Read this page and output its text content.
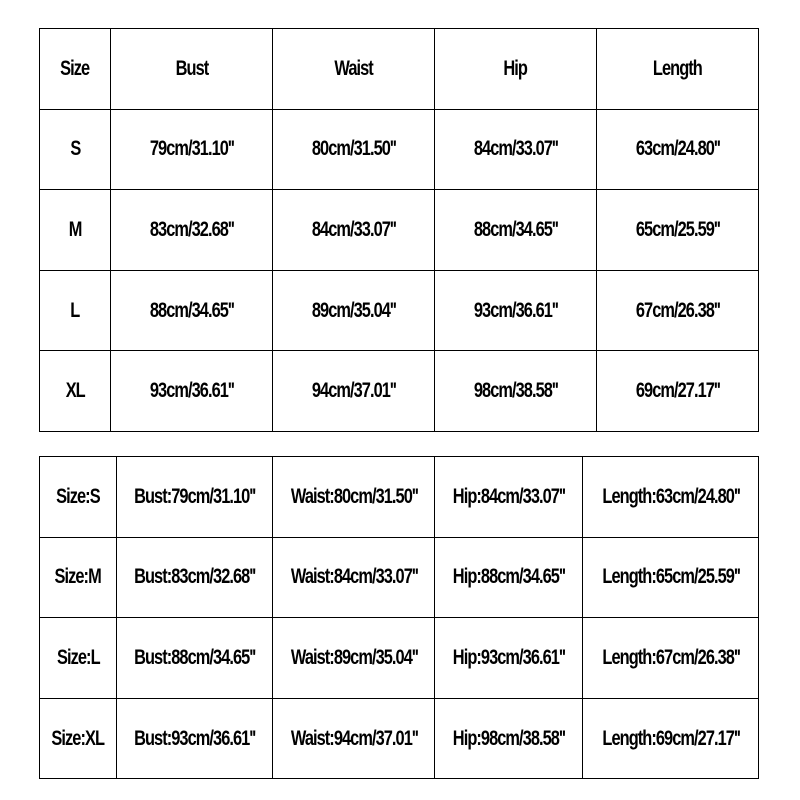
Size	Bust	Waist	Hip	Length
S	79cm/31.10''	80cm/31.50''	84cm/33.07''	63cm/24.80''
M	83cm/32.68''	84cm/33.07''	88cm/34.65''	65cm/25.59''
L	88cm/34.65''	89cm/35.04''	93cm/36.61''	67cm/26.38''
XL	93cm/36.61''	94cm/37.01''	98cm/38.58''	69cm/27.17''
Size:S	Bust:79cm/31.10''	Waist:80cm/31.50''	Hip:84cm/33.07''	Length:63cm/24.80''
Size:M	Bust:83cm/32.68''	Waist:84cm/33.07''	Hip:88cm/34.65''	Length:65cm/25.59''
Size:L	Bust:88cm/34.65''	Waist:89cm/35.04''	Hip:93cm/36.61''	Length:67cm/26.38''
Size:XL	Bust:93cm/36.61''	Waist:94cm/37.01''	Hip:98cm/38.58''	Length:69cm/27.17''
